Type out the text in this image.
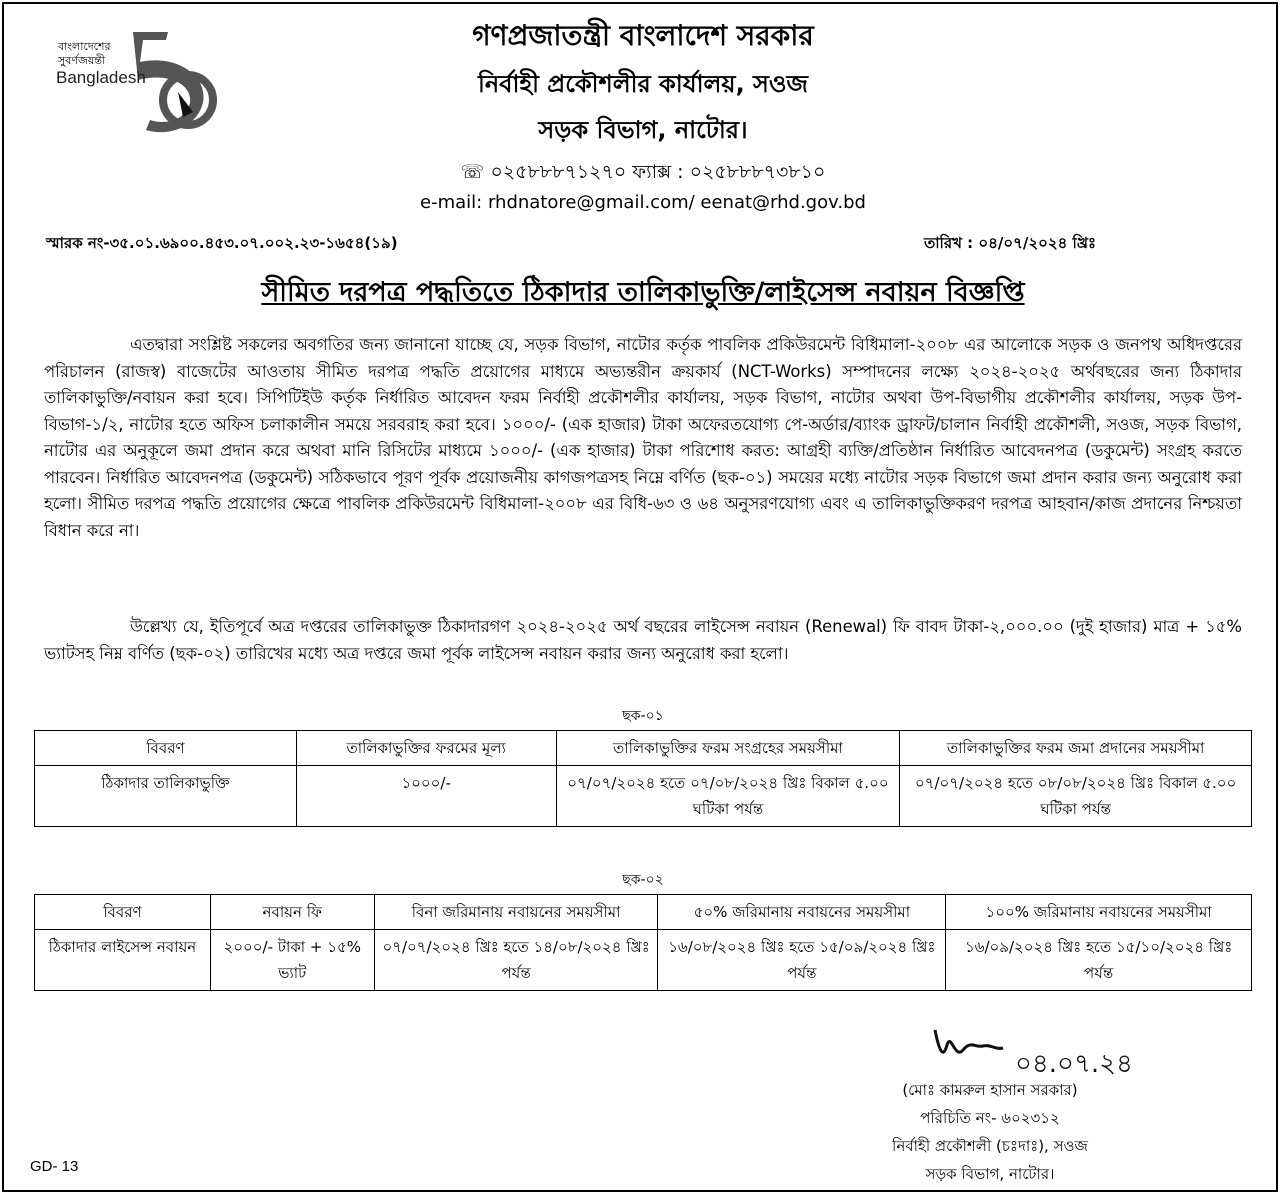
বাংলাদেশের
সুবর্ণজয়ন্তী
Bangladesh
গণপ্রজাতন্ত্রী বাংলাদেশ সরকার
নির্বাহী প্রকৌশলীর কার্যালয়, সওজ
সড়ক বিভাগ, নাটোর।
☏ ০২৫৮৮৮৭১২৭০ ফ্যাক্স : ০২৫৮৮৮৭৩৮১০
e-mail: rhdnatore@gmail.com/ eenat@rhd.gov.bd
স্মারক নং-৩৫.০১.৬৯০০.৪৫৩.০৭.০০২.২৩-১৬৫৪(১৯)	তারিখ : ০৪/০৭/২০২৪ খ্রিঃ
সীমিত দরপত্র পদ্ধতিতে ঠিকাদার তালিকাভুক্তি/লাইসেন্স নবায়ন বিজ্ঞপ্তি
এতদ্বারা সংশ্লিষ্ট সকলের অবগতির জন্য জানানো যাচ্ছে যে, সড়ক বিভাগ, নাটোর কর্তৃক পাবলিক প্রকিউরমেন্ট বিধিমালা-২০০৮ এর আলোকে সড়ক ও জনপথ অধিদপ্তরের পরিচালন (রাজস্ব) বাজেটের আওতায় সীমিত দরপত্র পদ্ধতি প্রয়োগের মাধ্যমে অভ্যন্তরীন ক্রয়কার্য (NCT-Works) সম্পাদনের লক্ষ্যে ২০২৪-২০২৫ অর্থবছরের জন্য ঠিকাদার তালিকাভুক্তি/নবায়ন করা হবে। সিপিটিইউ কর্তৃক নির্ধারিত আবেদন ফরম নির্বাহী প্রকৌশলীর কার্যালয়, সড়ক বিভাগ, নাটোর অথবা উপ-বিভাগীয় প্রকৌশলীর কার্যালয়, সড়ক উপ-বিভাগ-১/২, নাটোর হতে অফিস চলাকালীন সময়ে সরবরাহ করা হবে। ১০০০/- (এক হাজার) টাকা অফেরতযোগ্য পে-অর্ডার/ব্যাংক ড্রাফট/চালান নির্বাহী প্রকৌশলী, সওজ, সড়ক বিভাগ, নাটোর এর অনুকূলে জমা প্রদান করে অথবা মানি রিসিটের মাধ্যমে ১০০০/- (এক হাজার) টাকা পরিশোধ করত: আগ্রহী ব্যক্তি/প্রতিষ্ঠান নির্ধারিত আবেদনপত্র (ডকুমেন্ট) সংগ্রহ করতে পারবেন। নির্ধারিত আবেদনপত্র (ডকুমেন্ট) সঠিকভাবে পূরণ পূর্বক প্রয়োজনীয় কাগজপত্রসহ নিম্নে বর্ণিত (ছক-০১) সময়ের মধ্যে নাটোর সড়ক বিভাগে জমা প্রদান করার জন্য অনুরোধ করা হলো। সীমিত দরপত্র পদ্ধতি প্রয়োগের ক্ষেত্রে পাবলিক প্রকিউরমেন্ট বিধিমালা-২০০৮ এর বিধি-৬৩ ও ৬৪ অনুসরণযোগ্য এবং এ তালিকাভুক্তিকরণ দরপত্র আহবান/কাজ প্রদানের নিশ্চয়তা বিধান করে না।
উল্লেখ্য যে, ইতিপূর্বে অত্র দপ্তরের তালিকাভুক্ত ঠিকাদারগণ ২০২৪-২০২৫ অর্থ বছরের লাইসেন্স নবায়ন (Renewal) ফি বাবদ টাকা-২,০০০.০০ (দুই হাজার) মাত্র + ১৫% ভ্যাটসহ নিম্ন বর্ণিত (ছক-০২) তারিখের মধ্যে অত্র দপ্তরে জমা পূর্বক লাইসেন্স নবায়ন করার জন্য অনুরোধ করা হলো।
ছক-০১
বিবরণ	তালিকাভুক্তির ফরমের মূল্য	তালিকাভুক্তির ফরম সংগ্রহের সময়সীমা	তালিকাভুক্তির ফরম জমা প্রদানের সময়সীমা
ঠিকাদার তালিকাভুক্তি	১০০০/-	০৭/০৭/২০২৪ হতে ০৭/০৮/২০২৪ খ্রিঃ বিকাল ৫.০০ ঘটিকা পর্যন্ত	০৭/০৭/২০২৪ হতে ০৮/০৮/২০২৪ খ্রিঃ বিকাল ৫.০০ ঘটিকা পর্যন্ত
ছক-০২
বিবরণ	নবায়ন ফি	বিনা জরিমানায় নবায়নের সময়সীমা	৫০% জরিমানায় নবায়নের সময়সীমা	১০০% জরিমানায় নবায়নের সময়সীমা
ঠিকাদার লাইসেন্স নবায়ন	২০০০/- টাকা + ১৫% ভ্যাট	০৭/০৭/২০২৪ খ্রিঃ হতে ১৪/০৮/২০২৪ খ্রিঃ পর্যন্ত	১৬/০৮/২০২৪ খ্রিঃ হতে ১৫/০৯/২০২৪ খ্রিঃ পর্যন্ত	১৬/০৯/২০২৪ খ্রিঃ হতে ১৫/১০/২০২৪ খ্রিঃ পর্যন্ত
০৪.০৭.২৪
(মোঃ কামরুল হাসান সরকার)
পরিচিতি নং- ৬০২৩১২
নির্বাহী প্রকৌশলী (চঃদাঃ), সওজ
সড়ক বিভাগ, নাটোর।
GD- 13
